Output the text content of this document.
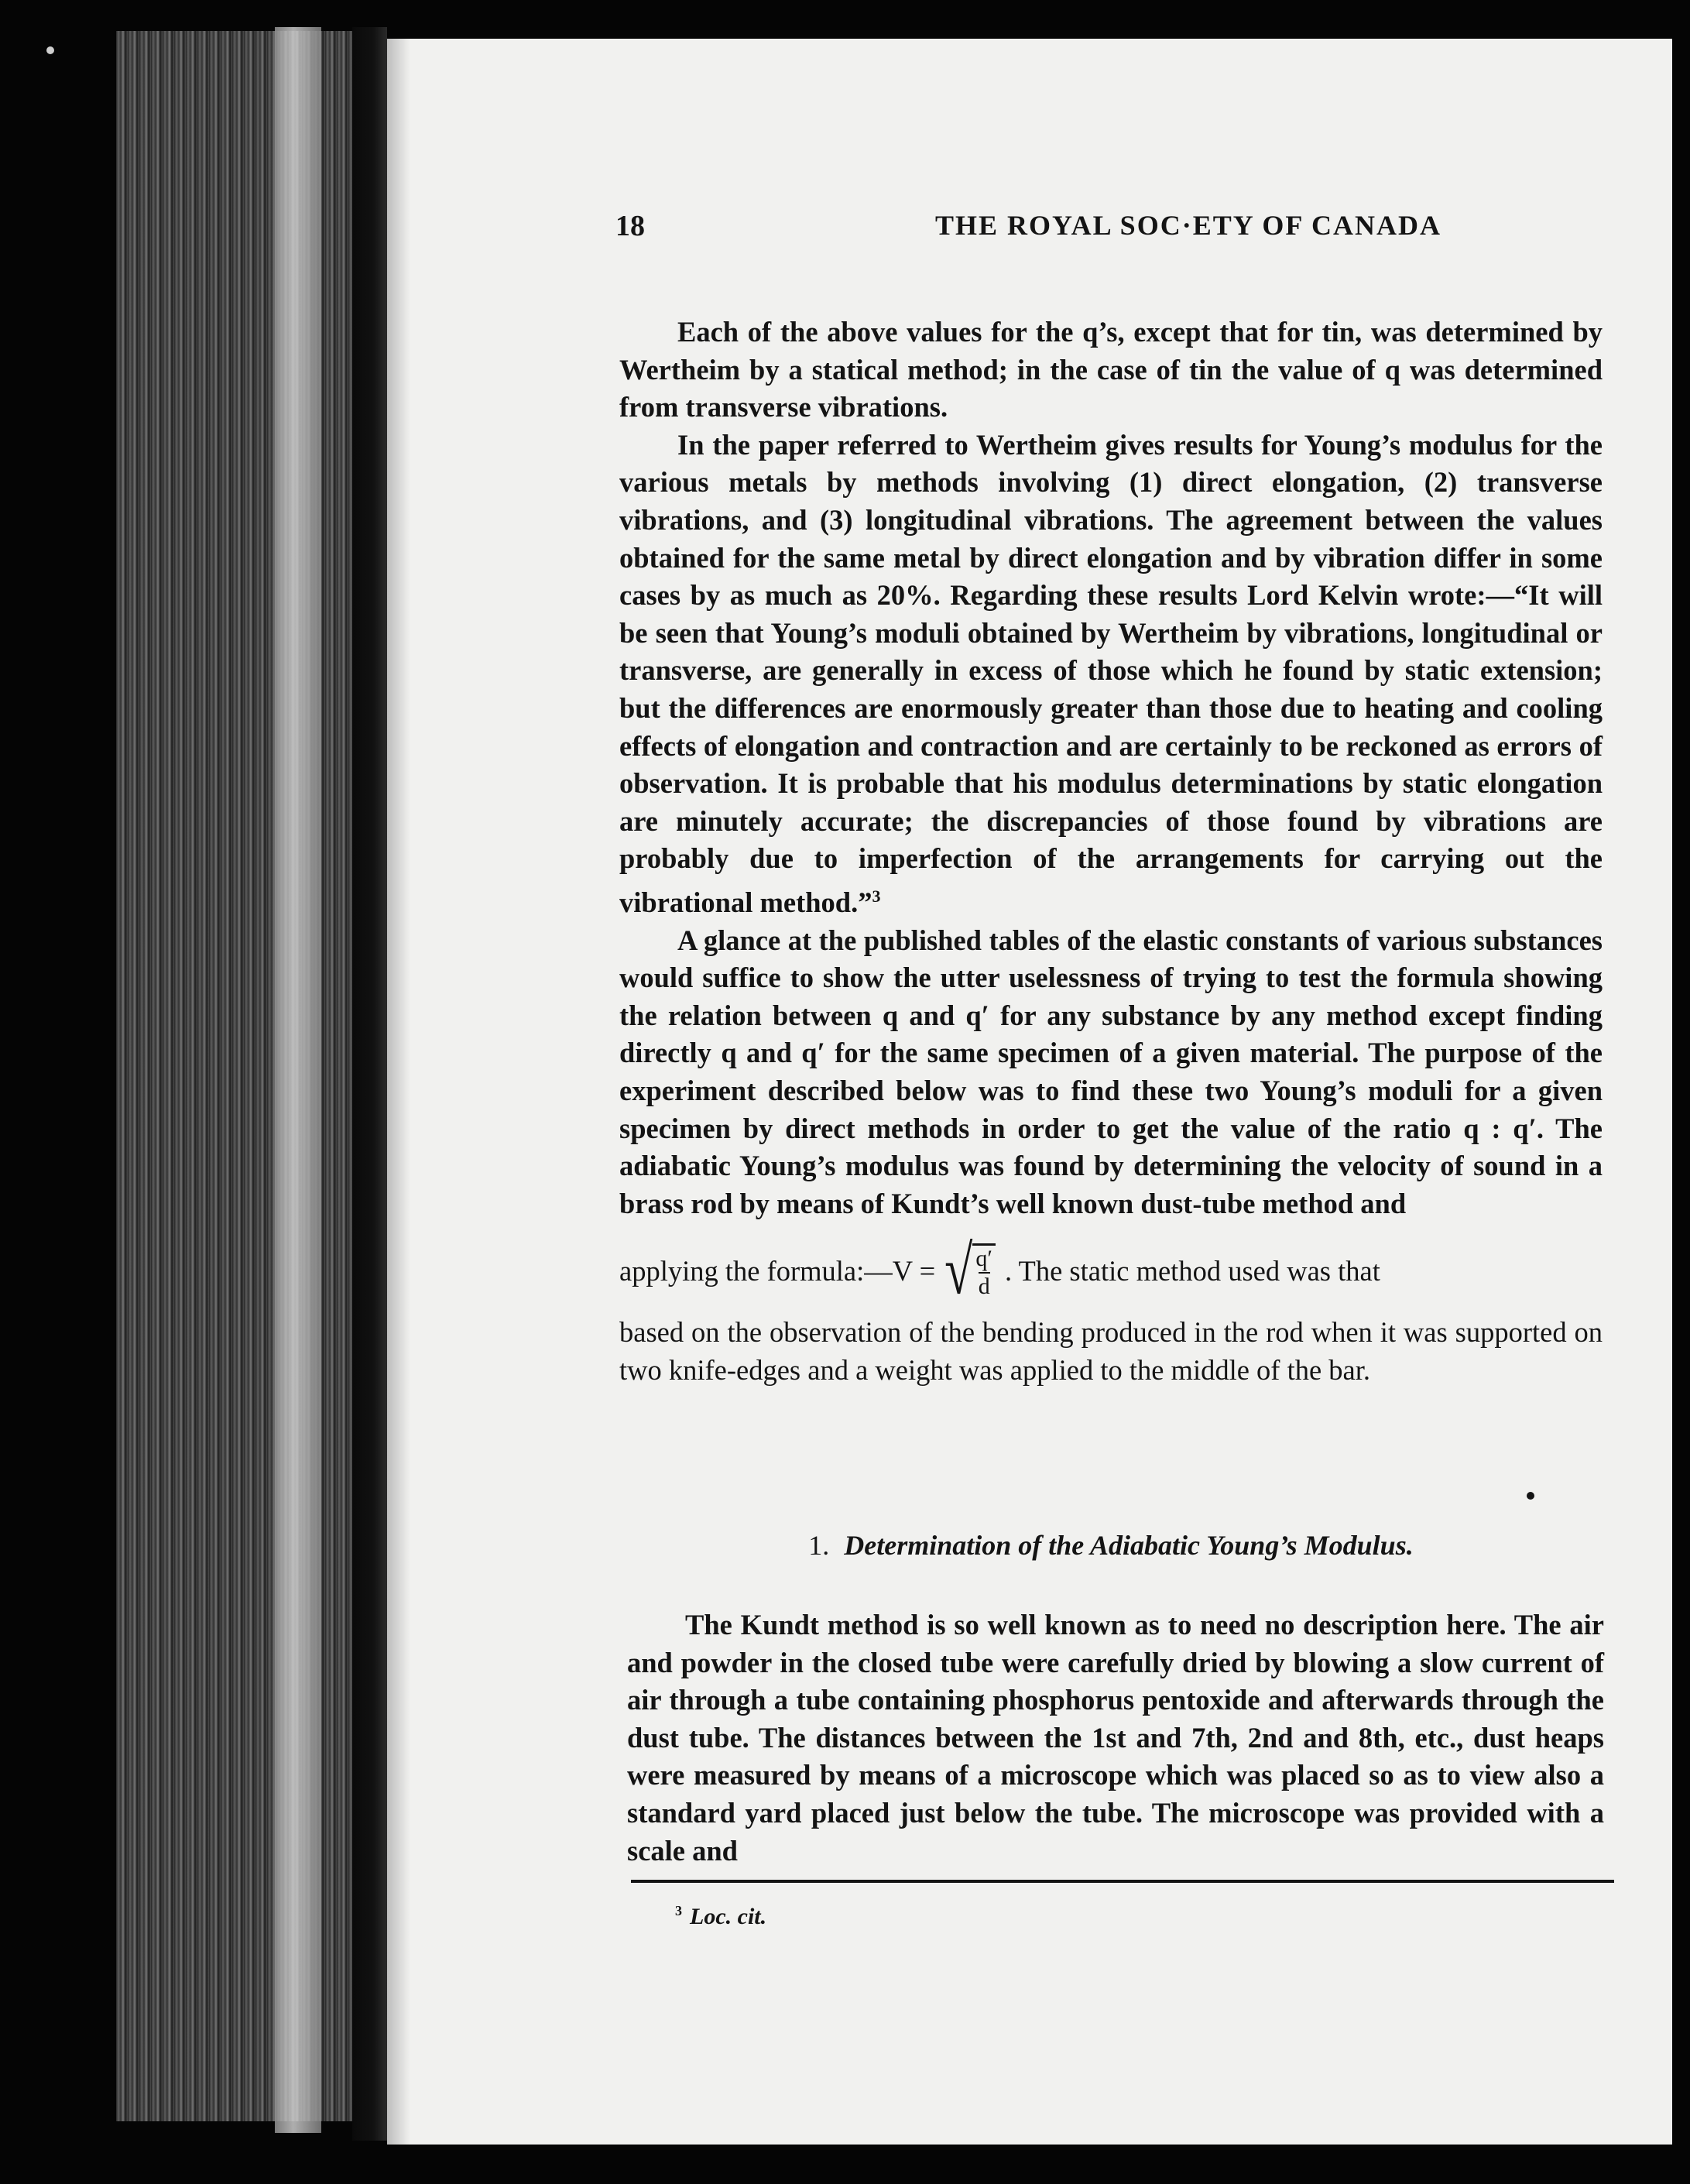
18	THE ROYAL SOC·ETY OF CANADA

Each of the above values for the q’s, except that for tin, was determined by Wertheim by a statical method; in the case of tin the value of q was determined from transverse vibrations.

In the paper referred to Wertheim gives results for Young’s modulus for the various metals by methods involving (1) direct elongation, (2) transverse vibrations, and (3) longitudinal vibrations. The agreement between the values obtained for the same metal by direct elongation and by vibration differ in some cases by as much as 20%. Regarding these results Lord Kelvin wrote:—“It will be seen that Young’s moduli obtained by Wertheim by vibrations, longitudinal or transverse, are generally in excess of those which he found by static extension; but the differences are enormously greater than those due to heating and cooling effects of elongation and contraction and are certainly to be reckoned as errors of observation. It is probable that his modulus determinations by static elongation are minutely accurate; the discrepancies of those found by vibrations are probably due to imperfection of the arrangements for carrying out the vibrational method.”$^3$

A glance at the published tables of the elastic constants of various substances would suffice to show the utter uselessness of trying to test the formula showing the relation between q and q′ for any substance by any method except finding directly q and q′ for the same specimen of a given material. The purpose of the experiment described below was to find these two Young’s moduli for a given specimen by direct methods in order to get the value of the ratio q : q′. The adiabatic Young’s modulus was found by determining the velocity of sound in a brass rod by means of Kundt’s well known dust-tube method and

applying the formula:—V = √ $\frac{q'}{d}$ . The static method used was that

based on the observation of the bending produced in the rod when it was supported on two knife-edges and a weight was applied to the middle of the bar.

1. Determination of the Adiabatic Young’s Modulus.

The Kundt method is so well known as to need no description here. The air and powder in the closed tube were carefully dried by blowing a slow current of air through a tube containing phosphorus pentoxide and afterwards through the dust tube. The distances between the 1st and 7th, 2nd and 8th, etc., dust heaps were measured by means of a microscope which was placed so as to view also a standard yard placed just below the tube. The microscope was provided with a scale and

$^3$ Loc. cit.
